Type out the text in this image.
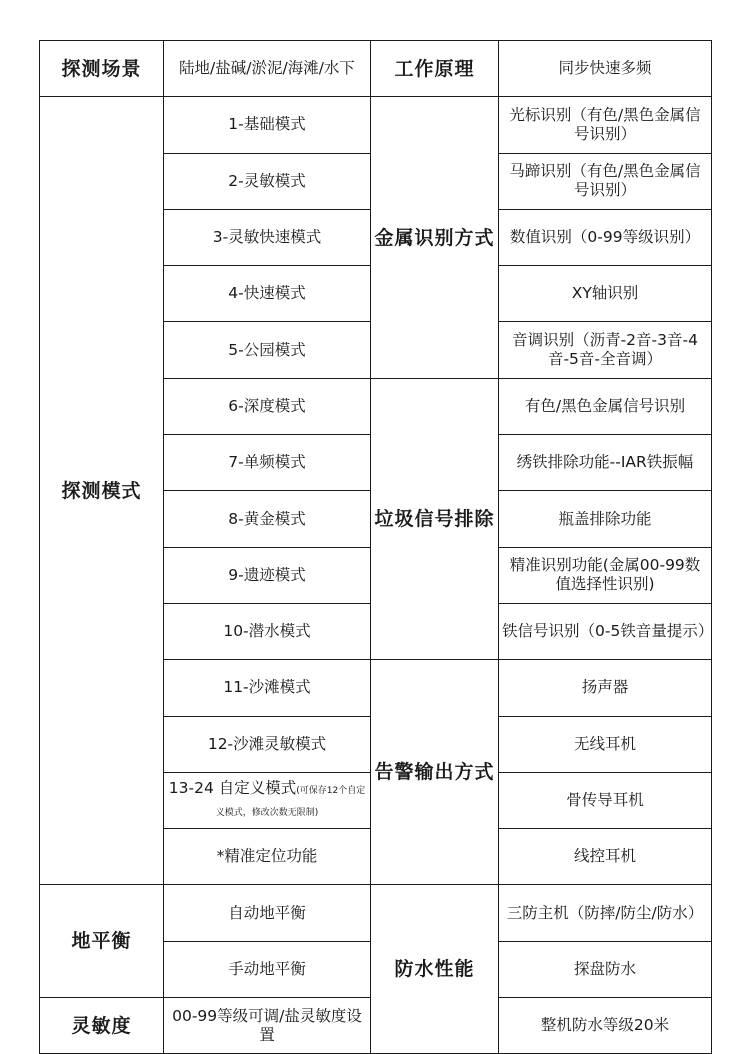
探测场景	陆地/盐碱/淤泥/海滩/水下	工作原理	同步快速多频
探测模式	1-基础模式	金属识别方式	光标识别（有色/黑色金属信号识别）
	2-灵敏模式		马蹄识别（有色/黑色金属信号识别）
	3-灵敏快速模式		数值识别（0-99等级识别）
	4-快速模式		XY轴识别
	5-公园模式		音调识别（沥青-2音-3音-4音-5音-全音调）
	6-深度模式	垃圾信号排除	有色/黑色金属信号识别
	7-单频模式		绣铁排除功能--IAR铁振幅
	8-黄金模式		瓶盖排除功能
	9-遗迹模式		精准识别功能(金属00-99数值选择性识别)
	10-潜水模式		铁信号识别（0-5铁音量提示）
	11-沙滩模式	告警输出方式	扬声器
	12-沙滩灵敏模式		无线耳机
	13-24 自定义模式(可保存12个自定义模式，修改次数无限制)		骨传导耳机
	*精准定位功能		线控耳机
地平衡	自动地平衡	防水性能	三防主机（防摔/防尘/防水）
	手动地平衡		探盘防水
灵敏度	00-99等级可调/盐灵敏度设置		整机防水等级20米
